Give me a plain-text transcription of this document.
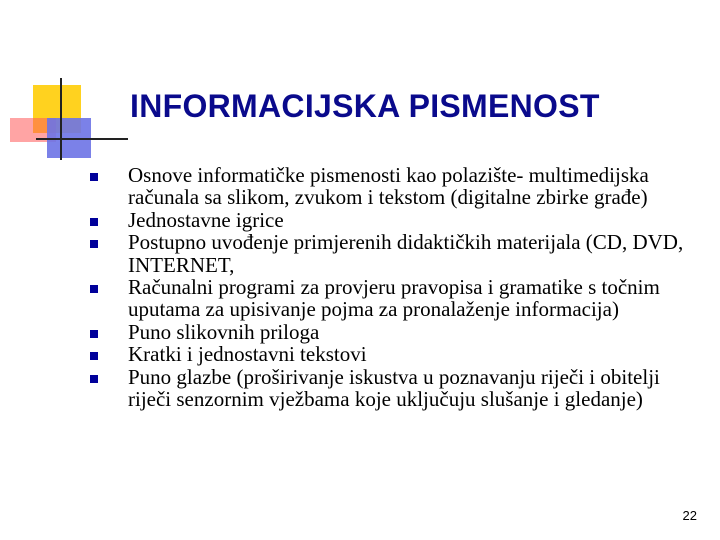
INFORMACIJSKA PISMENOST
Osnove informatičke pismenosti kao polazište- multimedijska računala sa slikom, zvukom i tekstom (digitalne zbirke građe)
Jednostavne igrice
Postupno uvođenje primjerenih didaktičkih materijala (CD, DVD, INTERNET,
Računalni programi za provjeru pravopisa i gramatike s točnim uputama za upisivanje pojma za pronalaženje informacija)
Puno slikovnih priloga
Kratki i jednostavni tekstovi
Puno glazbe (proširivanje iskustva u poznavanju riječi i obitelji riječi senzornim vježbama koje uključuju slušanje i gledanje)
22
